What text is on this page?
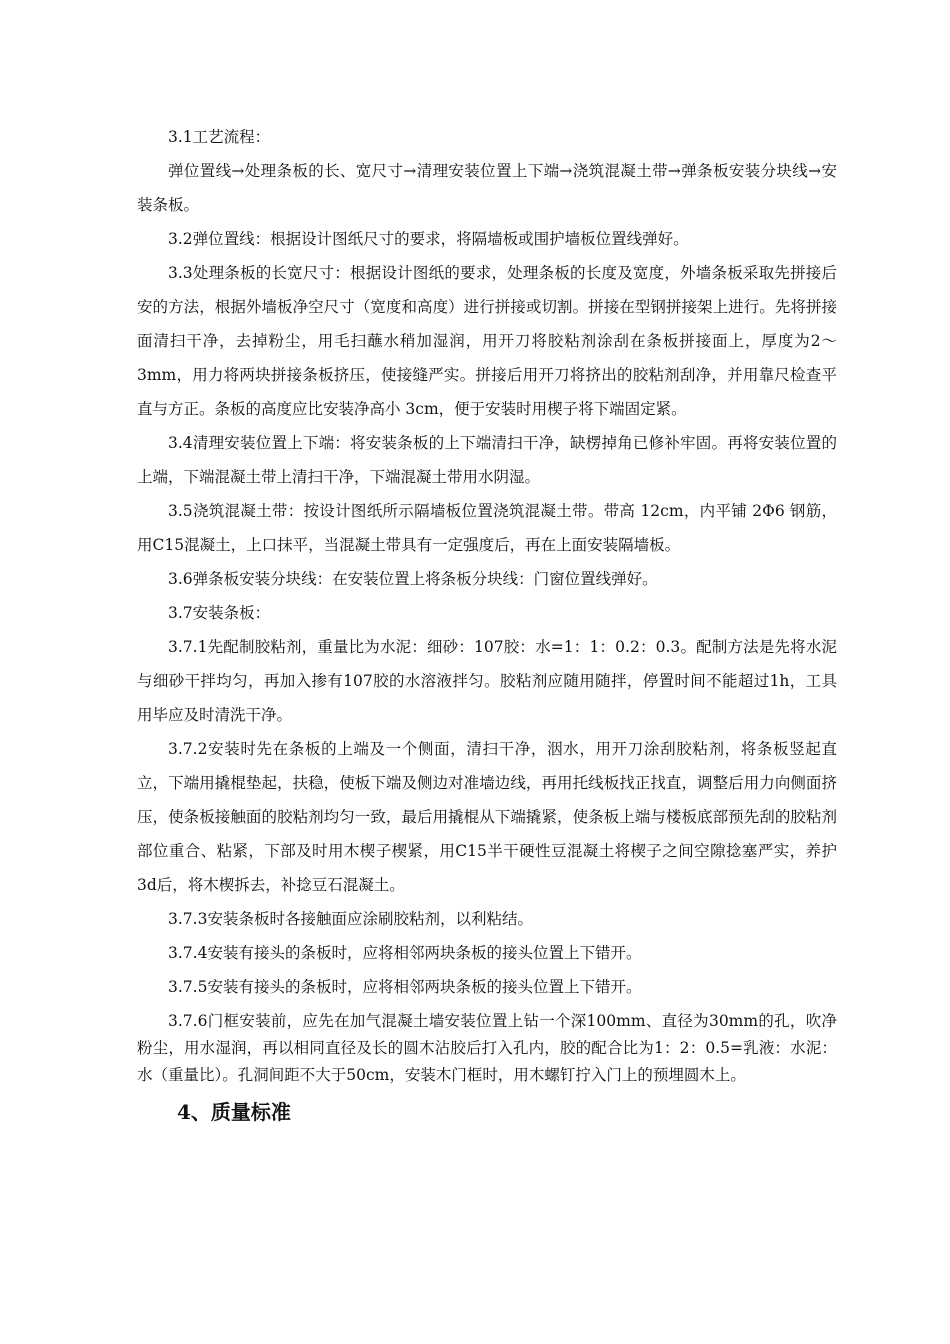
3.1工艺流程：

弹位置线→处理条板的长、宽尺寸→清理安装位置上下端→浇筑混凝土带→弹条板安装分块线→安装条板。

3.2弹位置线：根据设计图纸尺寸的要求，将隔墙板或围护墙板位置线弹好。

3.3处理条板的长宽尺寸：根据设计图纸的要求，处理条板的长度及宽度，外墙条板采取先拼接后安的方法，根据外墙板净空尺寸（宽度和高度）进行拼接或切割。拼接在型钢拼接架上进行。先将拼接面清扫干净，去掉粉尘，用毛扫蘸水稍加湿润，用开刀将胶粘剂涂刮在条板拼接面上，厚度为2～3mm，用力将两块拼接条板挤压，使接缝严实。拼接后用开刀将挤出的胶粘剂刮净，并用靠尺检查平直与方正。条板的高度应比安装净高小 3cm，便于安装时用楔子将下端固定紧。

3.4清理安装位置上下端：将安装条板的上下端清扫干净，缺楞掉角已修补牢固。再将安装位置的上端，下端混凝土带上清扫干净，下端混凝土带用水阴湿。

3.5浇筑混凝土带：按设计图纸所示隔墙板位置浇筑混凝土带。带高 12cm，内平铺 2Φ6 钢筋，用C15混凝土，上口抹平，当混凝土带具有一定强度后，再在上面安装隔墙板。

3.6弹条板安装分块线：在安装位置上将条板分块线：门窗位置线弹好。

3.7安装条板：

3.7.1先配制胶粘剂，重量比为水泥：细砂：107胶：水=1：1：0.2：0.3。配制方法是先将水泥与细砂干拌均匀，再加入掺有107胶的水溶液拌匀。胶粘剂应随用随拌，停置时间不能超过1h，工具用毕应及时清洗干净。

3.7.2安装时先在条板的上端及一个侧面，清扫干净，洇水，用开刀涂刮胶粘剂，将条板竖起直立，下端用撬棍垫起，扶稳，使板下端及侧边对准墙边线，再用托线板找正找直，调整后用力向侧面挤压，使条板接触面的胶粘剂均匀一致，最后用撬棍从下端撬紧，使条板上端与楼板底部预先刮的胶粘剂部位重合、粘紧，下部及时用木楔子楔紧，用C15半干硬性豆混凝土将楔子之间空隙捻塞严实，养护3d后，将木楔拆去，补捻豆石混凝土。

3.7.3安装条板时各接触面应涂刷胶粘剂，以利粘结。

3.7.4安装有接头的条板时，应将相邻两块条板的接头位置上下错开。

3.7.5安装有接头的条板时，应将相邻两块条板的接头位置上下错开。

3.7.6门框安装前，应先在加气混凝土墙安装位置上钻一个深100mm、直径为30mm的孔，吹净粉尘，用水湿润，再以相同直径及长的圆木沾胶后打入孔内，胶的配合比为1：2：0.5=乳液：水泥：水（重量比）。孔洞间距不大于50cm，安装木门框时，用木螺钉拧入门上的预埋圆木上。

4、质量标准
